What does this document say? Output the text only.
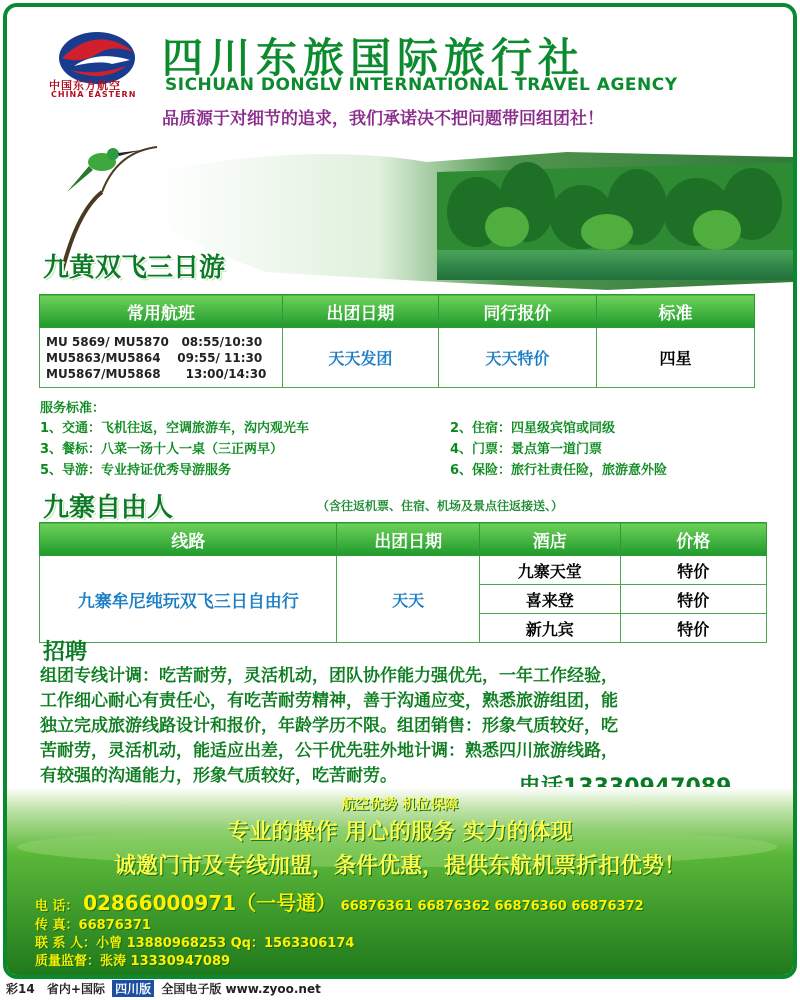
中国东方航空
CHINA EASTERN
四川东旅国际旅行社
SICHUAN DONGLV INTERNATIONAL TRAVEL AGENCY
品质源于对细节的追求，我们承诺决不把问题带回组团社！
九黄双飞三日游
常用航班	出团日期	同行报价	标准
MU 5869/ MU5870   08:55/10:30
MU5863/MU5864    09:55/ 11:30
MU5867/MU5868      13:00/14:30	天天发团	天天特价	四星
服务标准：
1、交通：飞机往返，空调旅游车，沟内观光车	2、住宿：四星级宾馆或同级
3、餐标：八菜一汤十人一桌（三正两早）	4、门票：景点第一道门票
5、导游：专业持证优秀导游服务	6、保险：旅行社责任险，旅游意外险
九寨自由人	（含往返机票、住宿、机场及景点往返接送、）
线路	出团日期	酒店	价格
九寨牟尼纯玩双飞三日自由行	天天	九寨天堂	特价
		喜来登	特价
		新九宾	特价
招聘
组团专线计调：吃苦耐劳，灵活机动，团队协作能力强优先，一年工作经验，
工作细心耐心有责任心，有吃苦耐劳精神，善于沟通应变，熟悉旅游组团，能
独立完成旅游线路设计和报价，年龄学历不限。组团销售：形象气质较好，吃
苦耐劳，灵活机动，能适应出差，公干优先驻外地计调：熟悉四川旅游线路，
有较强的沟通能力，形象气质较好，吃苦耐劳。
航空优势 机位保障
专业的操作 用心的服务 实力的体现
诚邀门市及专线加盟，条件优惠，提供东航机票折扣优势！
电 话： 02866000971（一号通） 66876361 66876362 66876360 66876372
传 真：66876371
联 系 人：小曾 13880968253 Qq：1563306174
质量监督：张涛 13330947089
彩14 省内+国际 四川版 全国电子版 www.zyoo.net
